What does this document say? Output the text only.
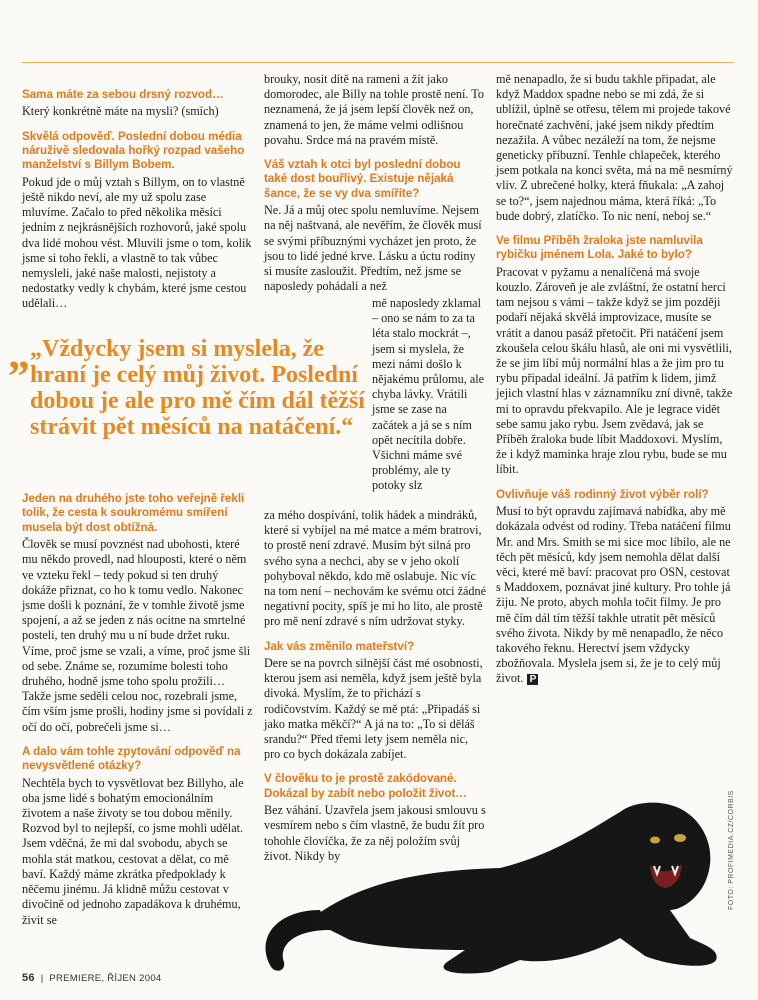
Sama máte za sebou drsný rozvod…

Který konkrétně máte na mysli? (smích)

Skvělá odpověď. Poslední dobou média náruživě sledovala hořký rozpad vašeho manželství s Billym Bobem.

Pokud jde o můj vztah s Billym, on to vlastně ještě nikdo neví, ale my už spolu zase mluvíme. Začalo to před několika měsíci jedním z nejkrásnějších rozhovorů, jaké spolu dva lidé mohou vést. Mluvili jsme o tom, kolik jsme si toho řekli, a vlastně to tak vůbec nemysleli, jaké naše malosti, nejistoty a nedostatky vedly k chybám, které jsme cestou udělali…

„ „Vždycky jsem si myslela, že hraní je celý můj život. Poslední dobou je ale pro mě čím dál těžší strávit pět měsíců na natáčení.“

Jeden na druhého jste toho veřejně řekli tolik, že cesta k soukromému smíření musela být dost obtížná.

Člověk se musí povznést nad ubohosti, které mu někdo provedl, nad hlouposti, které o něm ve vzteku řekl – tedy pokud si ten druhý dokáže přiznat, co ho k tomu vedlo. Nakonec jsme došli k poznání, že v tomhle životě jsme spojení, a až se jeden z nás ocitne na smrtelné posteli, ten druhý mu u ní bude držet ruku. Víme, proč jsme se vzali, a víme, proč jsme šli od sebe. Známe se, rozumíme bolesti toho druhého, hodně jsme toho spolu prožili… Takže jsme seděli celou noc, rozebrali jsme, čím vším jsme prošli, hodiny jsme si povídali z očí do očí, pobrečeli jsme si…

A dalo vám tohle zpytování odpověď na nevysvětlené otázky?

Nechtěla bych to vysvětlovat bez Billyho, ale oba jsme lidé s bohatým emocionálním životem a naše životy se tou dobou měnily. Rozvod byl to nejlepší, co jsme mohli udělat. Jsem vděčná, že mi dal svobodu, abych se mohla stát matkou, cestovat a dělat, co mě baví. Každý máme zkrátka předpoklady k něčemu jinému. Já klidně můžu cestovat v divočině od jednoho zapadákova k druhému, živit se

brouky, nosit dítě na rameni a žít jako domorodec, ale Billy na tohle prostě není. To neznamená, že já jsem lepší člověk než on, znamená to jen, že máme velmi odlišnou povahu. Srdce má na pravém místě.

Váš vztah k otci byl poslední dobou také dost bouřlivý. Existuje nějaká šance, že se vy dva smíříte?

Ne. Já a můj otec spolu nemluvíme. Nejsem na něj naštvaná, ale nevěřím, že člověk musí se svými příbuznými vycházet jen proto, že jsou to lidé jedné krve. Lásku a úctu rodiny si musíte zasloužit. Předtím, než jsme se naposledy pohádali a než

mě naposledy zklamal – ono se nám to za ta léta stalo mockrát –, jsem si myslela, že mezi námi došlo k nějakému průlomu, ale chyba lávky. Vrátili jsme se zase na začátek a já se s ním opět necítila dobře. Všichni máme své problémy, ale ty potoky slz

za mého dospívání, tolik hádek a mindráků, které si vybíjel na mé matce a mém bratrovi, to prostě není zdravé. Musím být silná pro svého syna a nechci, aby se v jeho okolí pohyboval někdo, kdo mě oslabuje. Nic víc na tom není – nechovám ke svému otci žádné negativní pocity, spíš je mi ho líto, ale prostě pro mě není zdravé s ním udržovat styky.

Jak vás změnilo mateřství?

Dere se na povrch silnější část mé osobnosti, kterou jsem asi neměla, když jsem ještě byla divoká. Myslím, že to přichází s rodičovstvím. Každý se mě ptá: „Připadáš si jako matka měkčí?“ A já na to: „To si děláš srandu?“ Před třemi lety jsem neměla nic, pro co bych dokázala zabíjet.

V člověku to je prostě zakódované. Dokázal by zabít nebo položit život…

Bez váhání. Uzavřela jsem jakousi smlouvu s vesmírem nebo s čím vlastně, že budu žít pro tohohle človíčka, že za něj položím svůj život. Nikdy by

mě nenapadlo, že si budu takhle připadat, ale když Maddox spadne nebo se mi zdá, že si ublížil, úplně se otřesu, tělem mi projede takové horečnaté zachvění, jaké jsem nikdy předtím nezažila. A vůbec nezáleží na tom, že nejsme geneticky příbuzní. Tenhle chlapeček, kterého jsem potkala na konci světa, má na mě nesmírný vliv. Z ubrečené holky, která fňukala: „A zahoj se to?“, jsem najednou máma, která říká: „To bude dobrý, zlatíčko. To nic není, neboj se.“

Ve filmu Příběh žraloka jste namluvila rybičku jménem Lola. Jaké to bylo?

Pracovat v pyžamu a nenalíčená má svoje kouzlo. Zároveň je ale zvláštní, že ostatní herci tam nejsou s vámi – takže když se jim později podaří nějaká skvělá improvizace, musíte se vrátit a danou pasáž přetočit. Při natáčení jsem zkoušela celou škálu hlasů, ale oni mi vysvětlili, že se jim líbí můj normální hlas a že jim pro tu rybu připadal ideální. Já patřím k lidem, jimž jejich vlastní hlas v záznamníku zní divně, takže mi to opravdu překvapilo. Ale je legrace vidět sebe samu jako rybu. Jsem zvědavá, jak se Příběh žraloka bude líbit Maddoxovi. Myslím, že i když maminka hraje zlou rybu, bude se mu líbit.

Ovlivňuje váš rodinný život výběr rolí?

Musí to být opravdu zajímavá nabídka, aby mě dokázala odvést od rodiny. Třeba natáčení filmu Mr. and Mrs. Smith se mi sice moc líbilo, ale ne těch pět měsíců, kdy jsem nemohla dělat další věci, které mě baví: pracovat pro OSN, cestovat s Maddoxem, poznávat jiné kultury. Pro tohle já žiju. Ne proto, abych mohla točit filmy. Je pro mě čím dál tím těžší takhle utratit pět měsíců svého života. Nikdy by mě nenapadlo, že něco takového řeknu. Herectví jsem vždycky zbožňovala. Myslela jsem si, že je to celý můj život. P

FOTO: PROFIMEDIA.CZ/CORBIS
56  |  PREMIERE, ŘÍJEN 2004
